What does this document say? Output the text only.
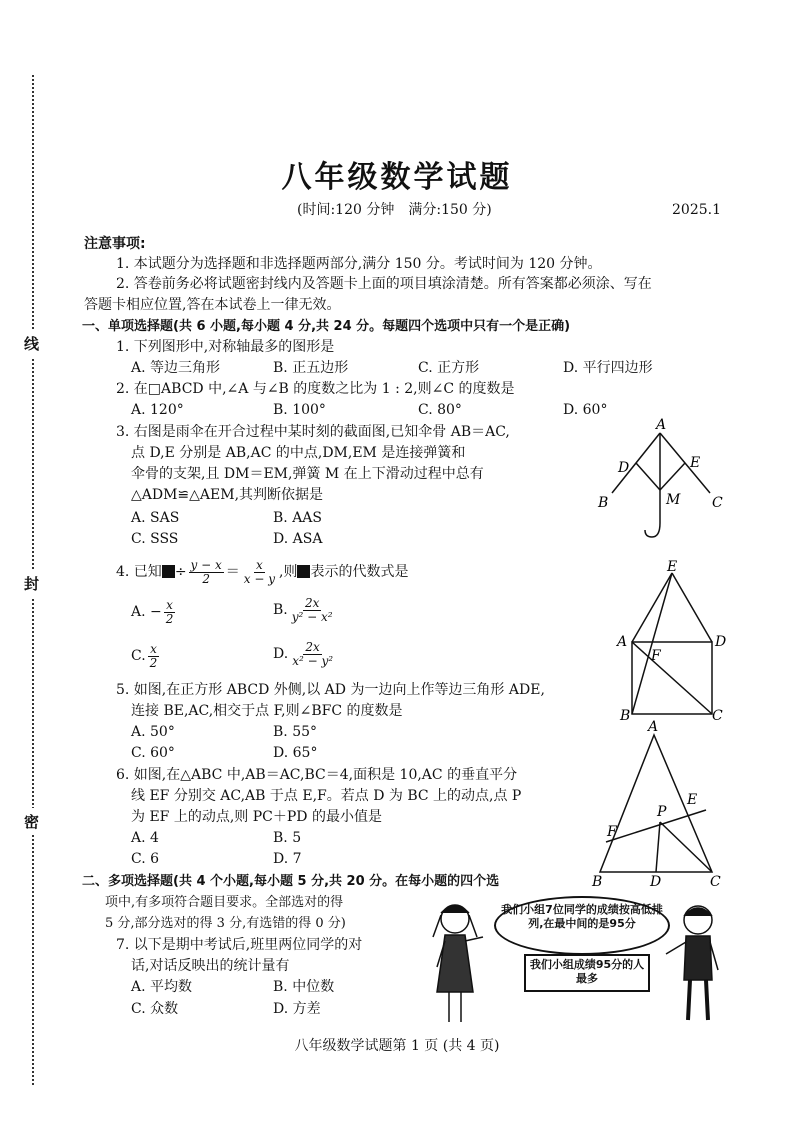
线
封
密
八年级数学试题
(时间:120 分钟　满分:150 分)	2025.1
注意事项:
1. 本试题分为选择题和非选择题两部分,满分 150 分。考试时间为 120 分钟。
2. 答卷前务必将试题密封线内及答题卡上面的项目填涂清楚。所有答案都必须涂、写在
答题卡相应位置,答在本试卷上一律无效。
一、单项选择题(共 6 小题,每小题 4 分,共 24 分。每题四个选项中只有一个是正确)
1. 下列图形中,对称轴最多的图形是
A. 等边三角形	B. 正五边形	C. 正方形	D. 平行四边形
2. 在□ABCD 中,∠A 与∠B 的度数之比为 1 : 2,则∠C 的度数是
A. 120°	B. 100°	C. 80°	D. 60°
3. 右图是雨伞在开合过程中某时刻的截面图,已知伞骨 AB＝AC,
点 D,E 分别是 AB,AC 的中点,DM,EM 是连接弹簧和
伞骨的支架,且 DM＝EM,弹簧 M 在上下滑动过程中总有
△ADM≌△AEM,其判断依据是
A. SAS	B. AAS
C. SSS	D. ASA
4. 已知 ÷ $\frac{y - x}{2} = \frac{x}{x - y}$ ,则 表示的代数式是
A. − $\frac{x}{2}$	B. $\frac{2x}{\text{y² − x²}}$
C. $\frac{x}{2}$	D. $\frac{2x}{\text{x² − y²}}$
5. 如图,在正方形 ABCD 外侧,以 AD 为一边向上作等边三角形 ADE,
连接 BE,AC,相交于点 F,则∠BFC 的度数是
A. 50°	B. 55°
C. 60°	D. 65°
6. 如图,在△ABC 中,AB＝AC,BC＝4,面积是 10,AC 的垂直平分
线 EF 分别交 AC,AB 于点 E,F。若点 D 为 BC 上的动点,点 P
为 EF 上的动点,则 PC＋PD 的最小值是
A. 4	B. 5
C. 6	D. 7
二、多项选择题(共 4 个小题,每小题 5 分,共 20 分。在每小题的四个选
项中,有多项符合题目要求。全部选对的得
5 分,部分选对的得 3 分,有选错的得 0 分)
7. 以下是期中考试后,班里两位同学的对
话,对话反映出的统计量有
A. 平均数	B. 中位数
C. 众数	D. 方差
A
B	C
D	E
M
E
A	D
F
B	C
A
E
P
F
B	D	C
我们小组7位同学的成绩按高低排列,在最中间的是95分
我们小组成绩95分的人最多
八年级数学试题第 1 页 (共 4 页)
